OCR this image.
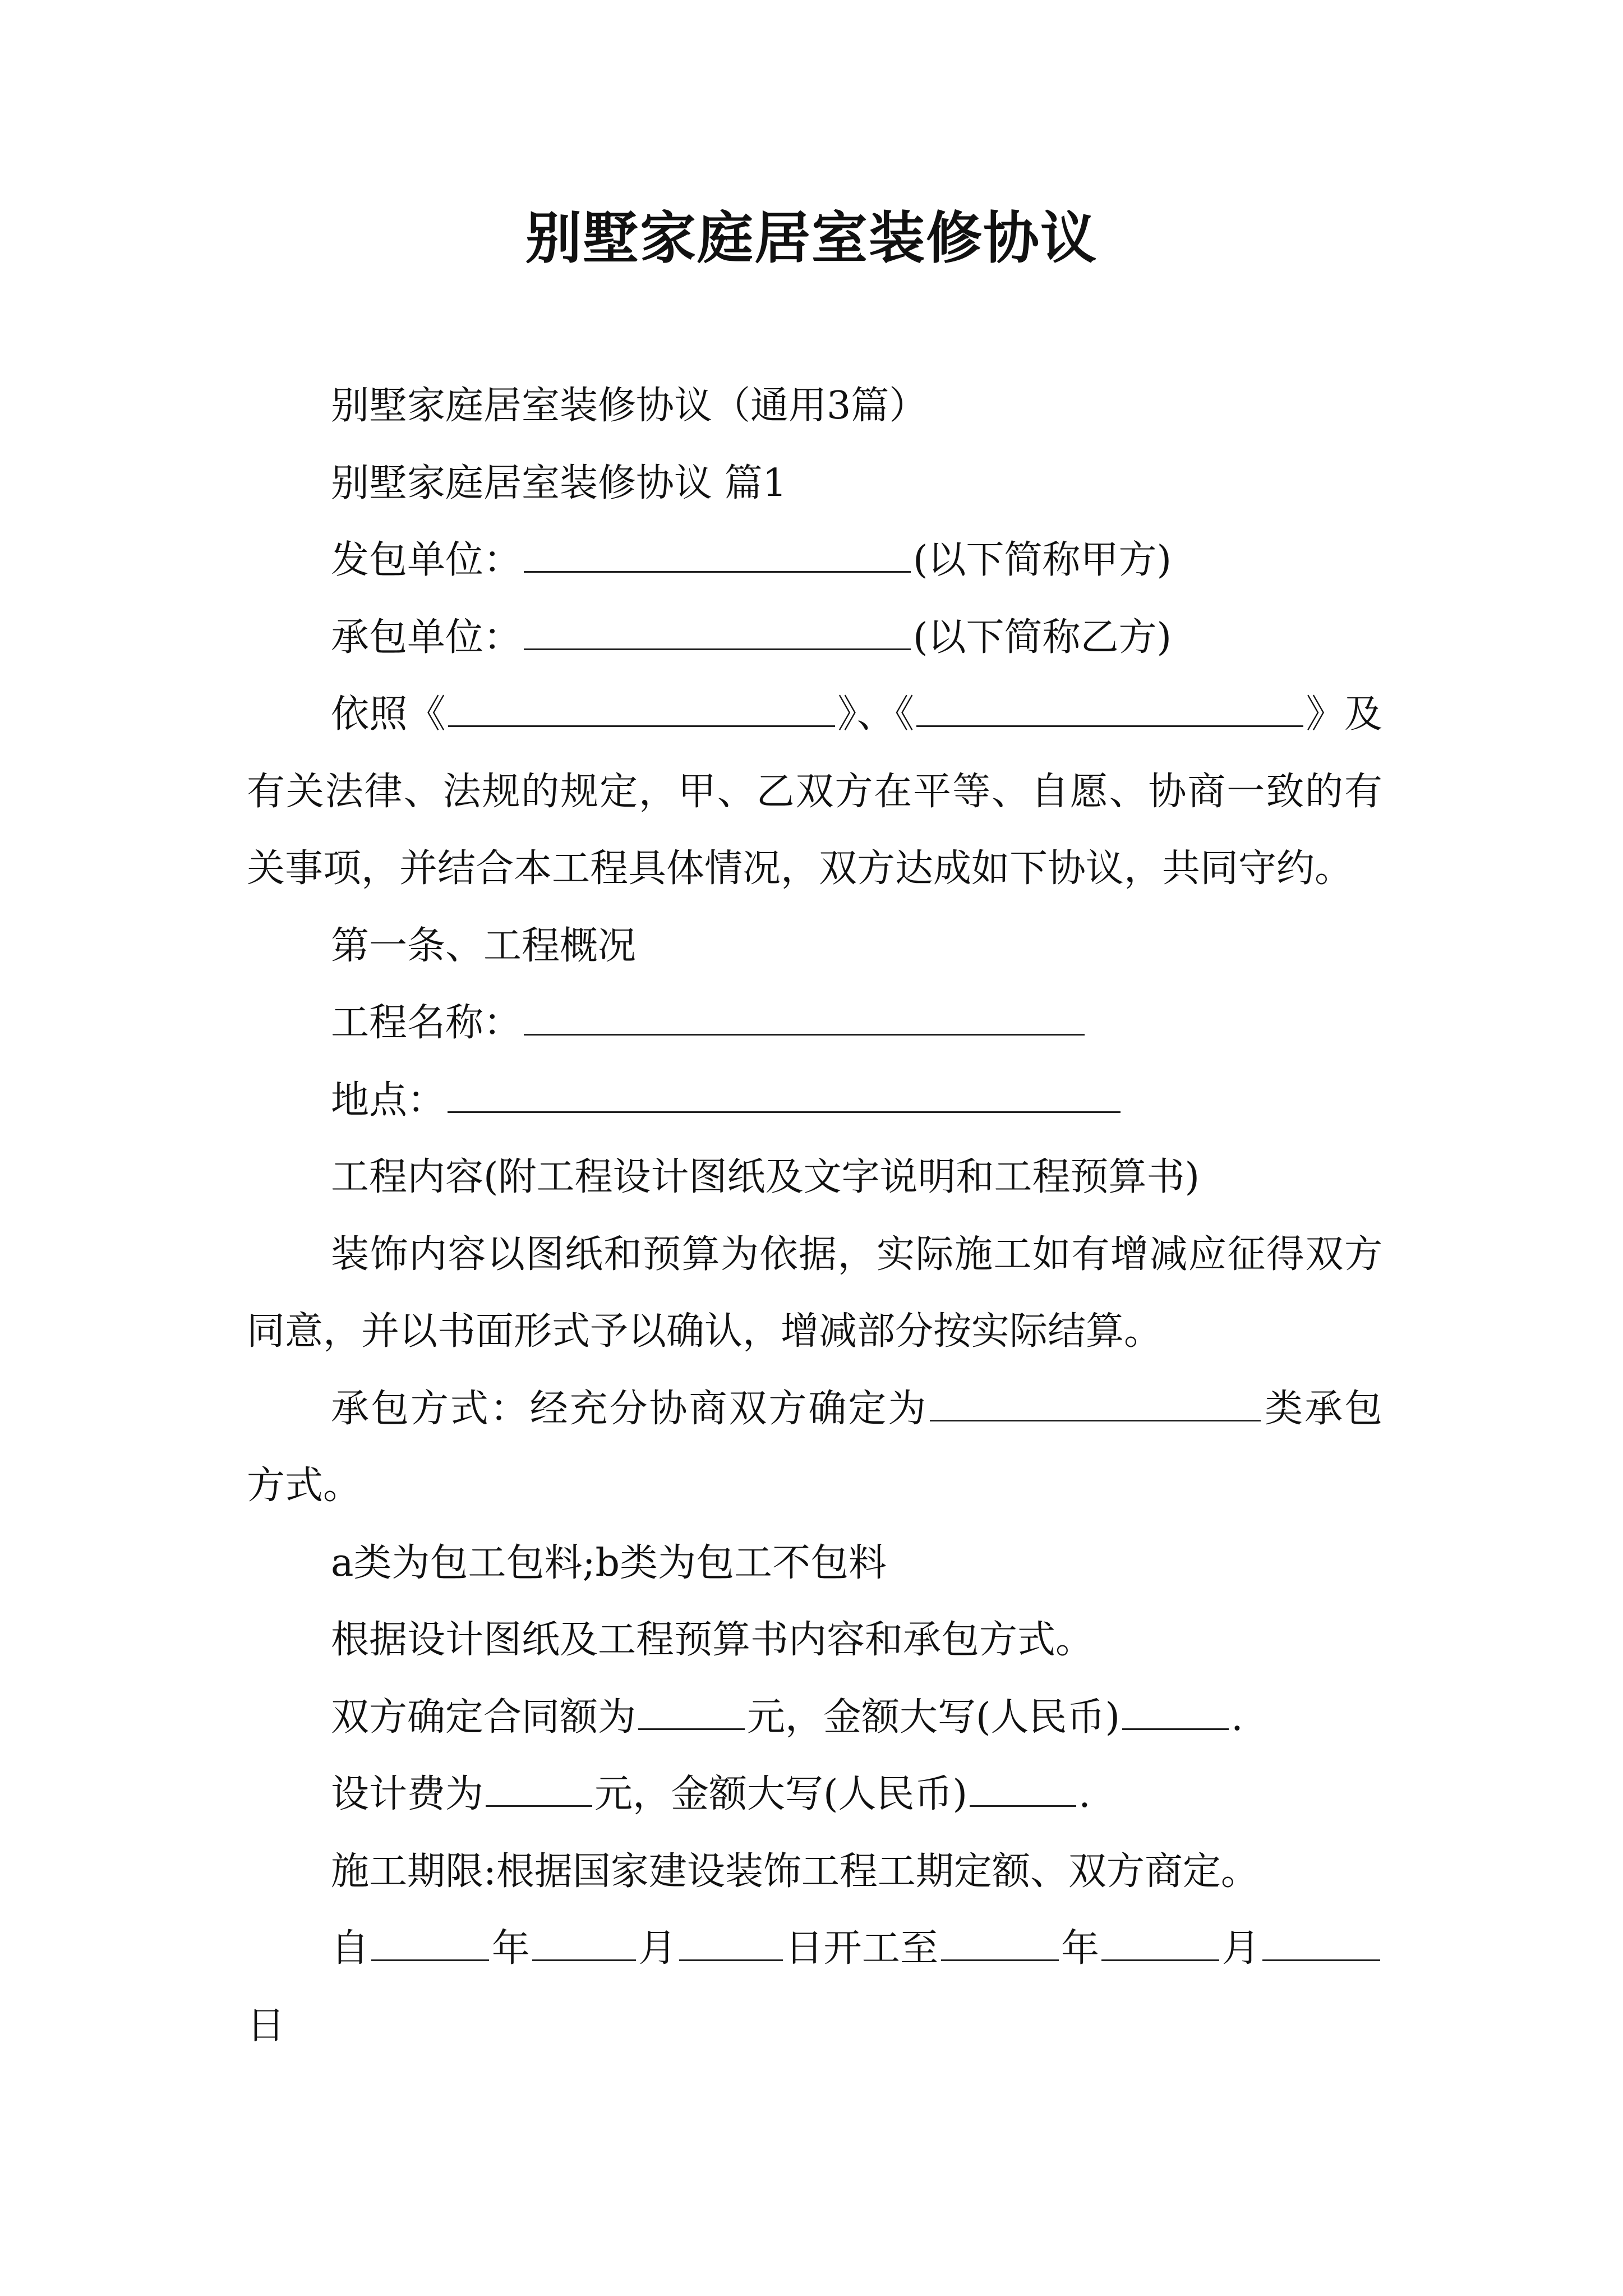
别墅家庭居室装修协议

别墅家庭居室装修协议（通用3篇）

别墅家庭居室装修协议 篇1

发包单位：	(以下简称甲方)

承包单位：	(以下简称乙方)

依照《	》、《	》及有关法律、法规的规定，甲、乙双方在平等、自愿、协商一致的有关事项，并结合本工程具体情况，双方达成如下协议，共同守约。

第一条、工程概况

工程名称：

地点：

工程内容(附工程设计图纸及文字说明和工程预算书)

装饰内容以图纸和预算为依据，实际施工如有增减应征得双方同意，并以书面形式予以确认，增减部分按实际结算。

承包方式：经充分协商双方确定为	类承包方式。

a类为包工包料;b类为包工不包料

根据设计图纸及工程预算书内容和承包方式。

双方确定合同额为	元，金额大写(人民币)	.

设计费为	元，金额大写(人民币)	.

施工期限:根据国家建设装饰工程工期定额、双方商定。

自	年	月	日开工至	年	月日
